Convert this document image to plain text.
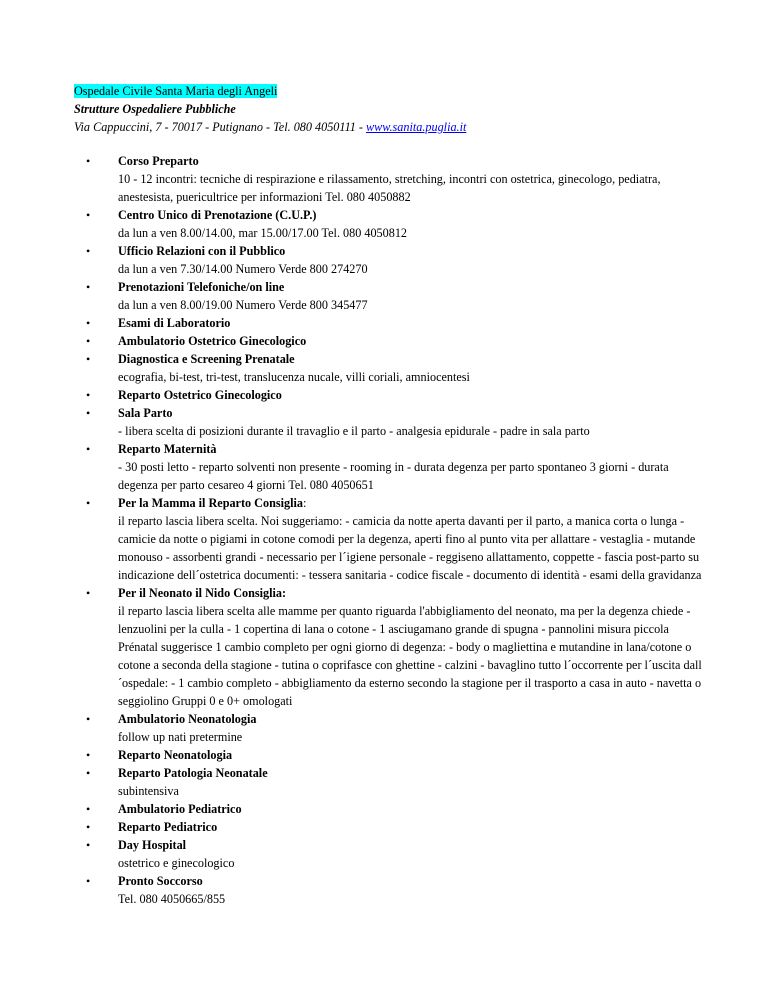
Ospedale Civile Santa Maria degli Angeli
Strutture Ospedaliere Pubbliche
Via Cappuccini, 7 - 70017 - Putignano - Tel. 080 4050111 - www.sanita.puglia.it
• Corso Preparto
10 - 12 incontri: tecniche di respirazione e rilassamento, stretching, incontri con ostetrica, ginecologo, pediatra, anestesista, puericultrice per informazioni Tel. 080 4050882
• Centro Unico di Prenotazione (C.U.P.)
da lun a ven 8.00/14.00, mar 15.00/17.00 Tel. 080 4050812
• Ufficio Relazioni con il Pubblico
da lun a ven 7.30/14.00 Numero Verde 800 274270
• Prenotazioni Telefoniche/on line
da lun a ven 8.00/19.00 Numero Verde 800 345477
• Esami di Laboratorio
• Ambulatorio Ostetrico Ginecologico
• Diagnostica e Screening Prenatale
ecografia, bi-test, tri-test, translucenza nucale, villi coriali, amniocentesi
• Reparto Ostetrico Ginecologico
• Sala Parto
- libera scelta di posizioni durante il travaglio e il parto - analgesia epidurale - padre in sala parto
• Reparto Maternità
- 30 posti letto - reparto solventi non presente - rooming in - durata degenza per parto spontaneo 3 giorni - durata degenza per parto cesareo 4 giorni Tel. 080 4050651
• Per la Mamma il Reparto Consiglia:
il reparto lascia libera scelta. Noi suggeriamo: - camicia da notte aperta davanti per il parto, a manica corta o lunga - camicie da notte o pigiami in cotone comodi per la degenza, aperti fino al punto vita per allattare - vestaglia - mutande monouso - assorbenti grandi - necessario per l´igiene personale - reggiseno allattamento, coppette - fascia post-parto su indicazione dell´ostetrica documenti: - tessera sanitaria - codice fiscale - documento di identità - esami della gravidanza
• Per il Neonato il Nido Consiglia:
il reparto lascia libera scelta alle mamme per quanto riguarda l'abbigliamento del neonato, ma per la degenza chiede - lenzuolini per la culla - 1 copertina di lana o cotone - 1 asciugamano grande di spugna - pannolini misura piccola Prénatal suggerisce 1 cambio completo per ogni giorno di degenza: - body o magliettina e mutandine in lana/cotone o cotone a seconda della stagione - tutina o coprifasce con ghettine - calzini - bavaglino tutto l´occorrente per l´uscita dall´ospedale: - 1 cambio completo - abbigliamento da esterno secondo la stagione per il trasporto a casa in auto - navetta o seggiolino Gruppi 0 e 0+ omologati
• Ambulatorio Neonatologia
follow up nati pretermine
• Reparto Neonatologia
• Reparto Patologia Neonatale
subintensiva
• Ambulatorio Pediatrico
• Reparto Pediatrico
• Day Hospital
ostetrico e ginecologico
• Pronto Soccorso
Tel. 080 4050665/855
